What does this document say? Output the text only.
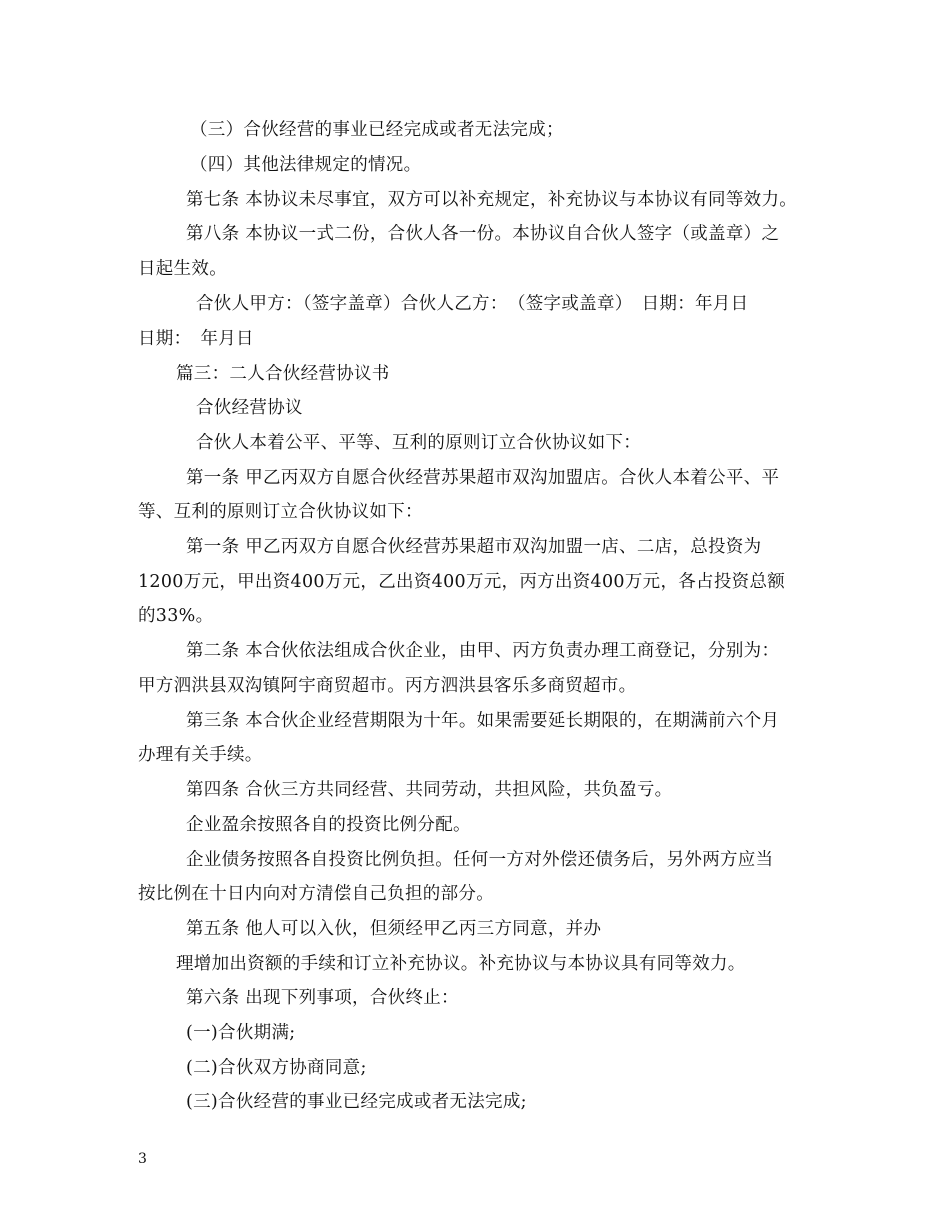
（三）合伙经营的事业已经完成或者无法完成；
（四）其他法律规定的情况。
第七条 本协议未尽事宜，双方可以补充规定，补充协议与本协议有同等效力。
第八条 本协议一式二份，合伙人各一份。本协议自合伙人签字（或盖章）之
日起生效。
合伙人甲方：（签字盖章）合伙人乙方：　（签字或盖章）　日期：年月日
日期：　年月日
篇三：二人合伙经营协议书
合伙经营协议
合伙人本着公平、平等、互利的原则订立合伙协议如下：
第一条 甲乙丙双方自愿合伙经营苏果超市双沟加盟店。合伙人本着公平、平
等、互利的原则订立合伙协议如下：
第一条 甲乙丙双方自愿合伙经营苏果超市双沟加盟一店、二店，总投资为
1200万元，甲出资400万元，乙出资400万元，丙方出资400万元，各占投资总额
的33%。
第二条 本合伙依法组成合伙企业，由甲、丙方负责办理工商登记，分别为：
甲方泗洪县双沟镇阿宇商贸超市。丙方泗洪县客乐多商贸超市。
第三条 本合伙企业经营期限为十年。如果需要延长期限的，在期满前六个月
办理有关手续。
第四条 合伙三方共同经营、共同劳动，共担风险，共负盈亏。
企业盈余按照各自的投资比例分配。
企业债务按照各自投资比例负担。任何一方对外偿还债务后，另外两方应当
按比例在十日内向对方清偿自己负担的部分。
第五条 他人可以入伙，但须经甲乙丙三方同意，并办
理增加出资额的手续和订立补充协议。补充协议与本协议具有同等效力。
第六条 出现下列事项，合伙终止：
(一)合伙期满;
(二)合伙双方协商同意;
(三)合伙经营的事业已经完成或者无法完成;
3
